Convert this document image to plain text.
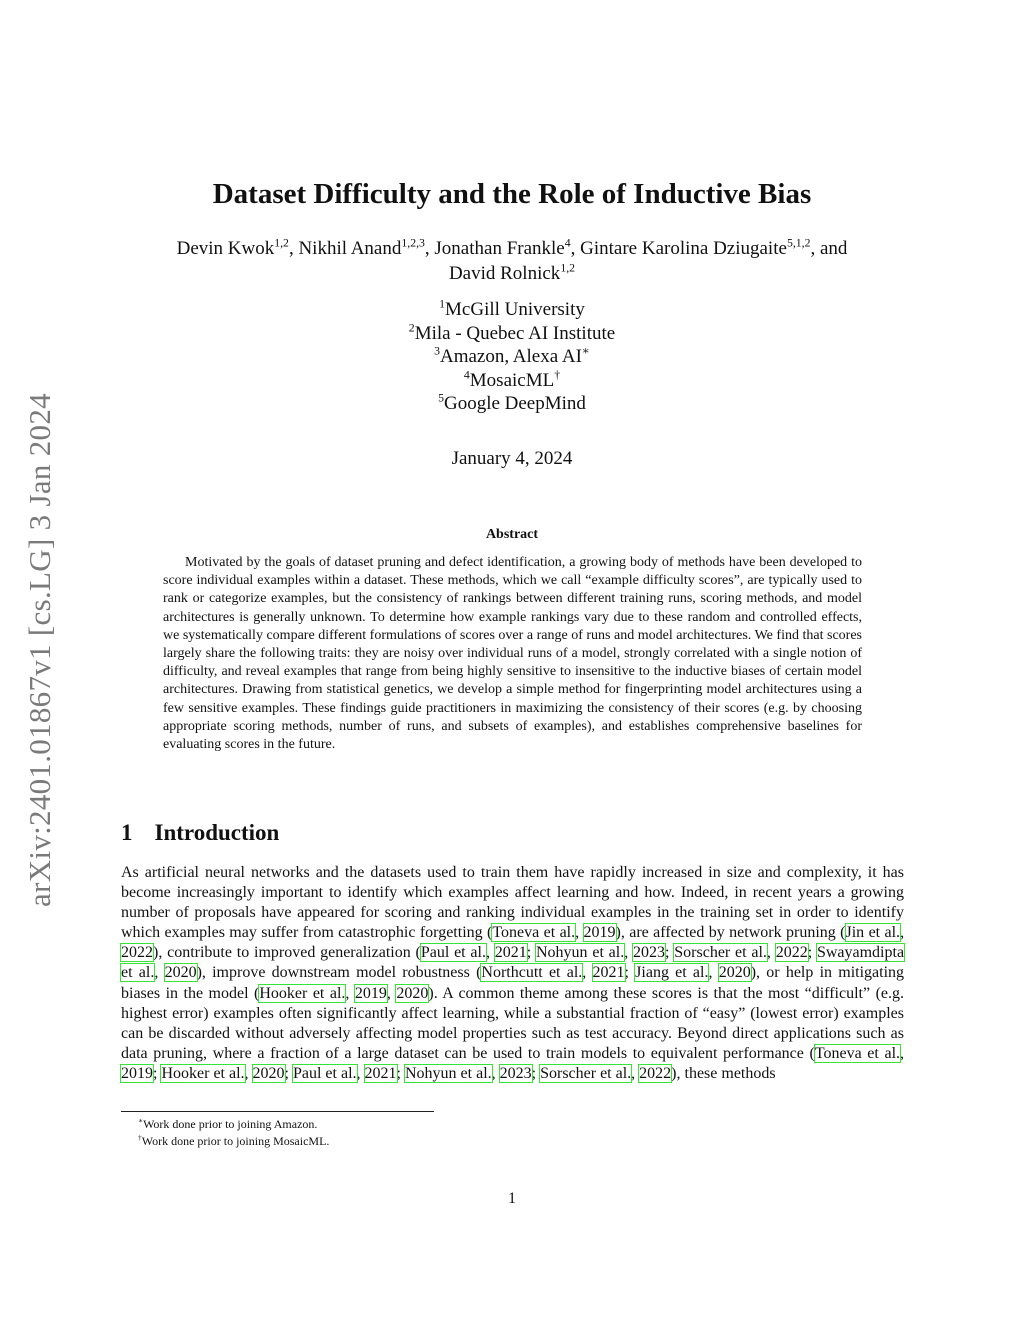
arXiv:2401.01867v1 [cs.LG] 3 Jan 2024
Dataset Difficulty and the Role of Inductive Bias
Devin Kwok$^{1,2}$, Nikhil Anand$^{1,2,3}$, Jonathan Frankle$^4$, Gintare Karolina Dziugaite$^{5,1,2}$, and
David Rolnick$^{1,2}$
$^1$McGill University
$^2$Mila - Quebec AI Institute
$^3$Amazon, Alexa AI∗
$^4$MosaicML†
$^5$Google DeepMind
January 4, 2024
Abstract

Motivated by the goals of dataset pruning and defect identification, a growing body of methods have been developed to score individual examples within a dataset. These methods, which we call “example difficulty scores”, are typically used to rank or categorize examples, but the consistency of rankings between different training runs, scoring methods, and model architectures is generally unknown. To determine how example rankings vary due to these random and controlled effects, we systematically compare different formulations of scores over a range of runs and model architectures. We find that scores largely share the following traits: they are noisy over individual runs of a model, strongly correlated with a single notion of difficulty, and reveal examples that range from being highly sensitive to insensitive to the inductive biases of certain model architectures. Drawing from statistical genetics, we develop a simple method for fingerprinting model architectures using a few sensitive examples. These findings guide practitioners in maximizing the consistency of their scores (e.g. by choosing appropriate scoring methods, number of runs, and subsets of examples), and establishes comprehensive baselines for evaluating scores in the future.

1 Introduction

As artificial neural networks and the datasets used to train them have rapidly increased in size and complexity, it has become increasingly important to identify which examples affect learning and how. Indeed, in recent years a growing number of proposals have appeared for scoring and ranking individual examples in the training set in order to identify which examples may suffer from catastrophic forgetting (Toneva et al., 2019), are affected by network pruning (Jin et al., 2022), contribute to improved generalization (Paul et al., 2021; Nohyun et al., 2023; Sorscher et al., 2022; Swayamdipta et al., 2020), improve downstream model robustness (Northcutt et al., 2021; Jiang et al., 2020), or help in mitigating biases in the model (Hooker et al., 2019, 2020). A common theme among these scores is that the most “difficult” (e.g. highest error) examples often significantly affect learning, while a substantial fraction of “easy” (lowest error) examples can be discarded without adversely affecting model properties such as test accuracy. Beyond direct applications such as data pruning, where a fraction of a large dataset can be used to train models to equivalent performance (Toneva et al., 2019; Hooker et al., 2020; Paul et al., 2021; Nohyun et al., 2023; Sorscher et al., 2022), these methods

∗Work done prior to joining Amazon.
†Work done prior to joining MosaicML.
1
